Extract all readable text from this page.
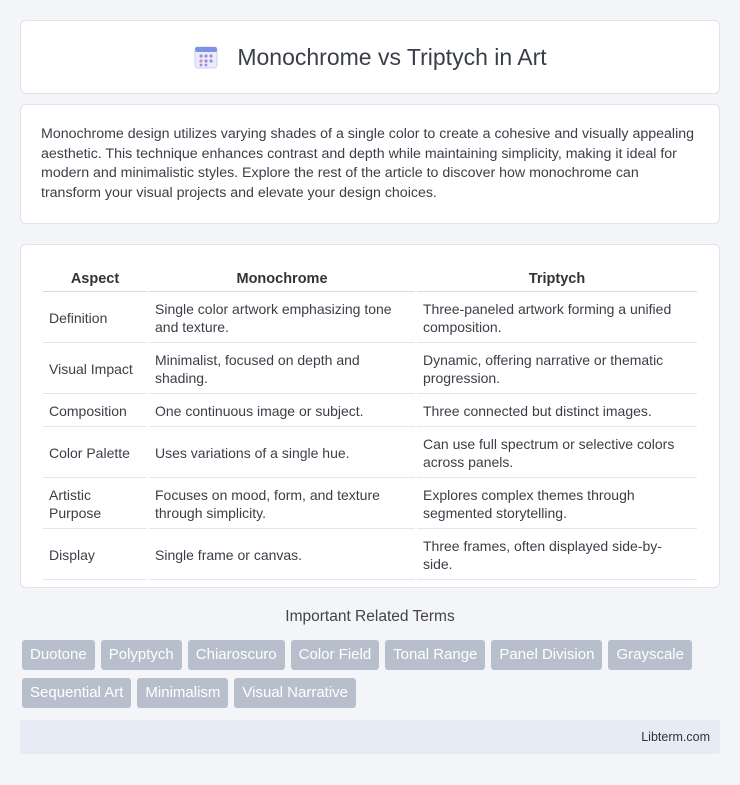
Monochrome vs Triptych in Art

Monochrome design utilizes varying shades of a single color to create a cohesive and visually appealing aesthetic. This technique enhances contrast and depth while maintaining simplicity, making it ideal for modern and minimalistic styles. Explore the rest of the article to discover how monochrome can transform your visual projects and elevate your design choices.

Aspect	Monochrome	Triptych
Definition	Single color artwork emphasizing tone and texture.	Three-paneled artwork forming a unified composition.
Visual Impact	Minimalist, focused on depth and shading.	Dynamic, offering narrative or thematic progression.
Composition	One continuous image or subject.	Three connected but distinct images.
Color Palette	Uses variations of a single hue.	Can use full spectrum or selective colors across panels.
Artistic Purpose	Focuses on mood, form, and texture through simplicity.	Explores complex themes through segmented storytelling.
Display	Single frame or canvas.	Three frames, often displayed side-by-side.
Important Related Terms
Duotone	Polyptych	Chiaroscuro	Color Field	Tonal Range	Panel Division	Grayscale
Sequential Art	Minimalism	Visual Narrative
Libterm.com
